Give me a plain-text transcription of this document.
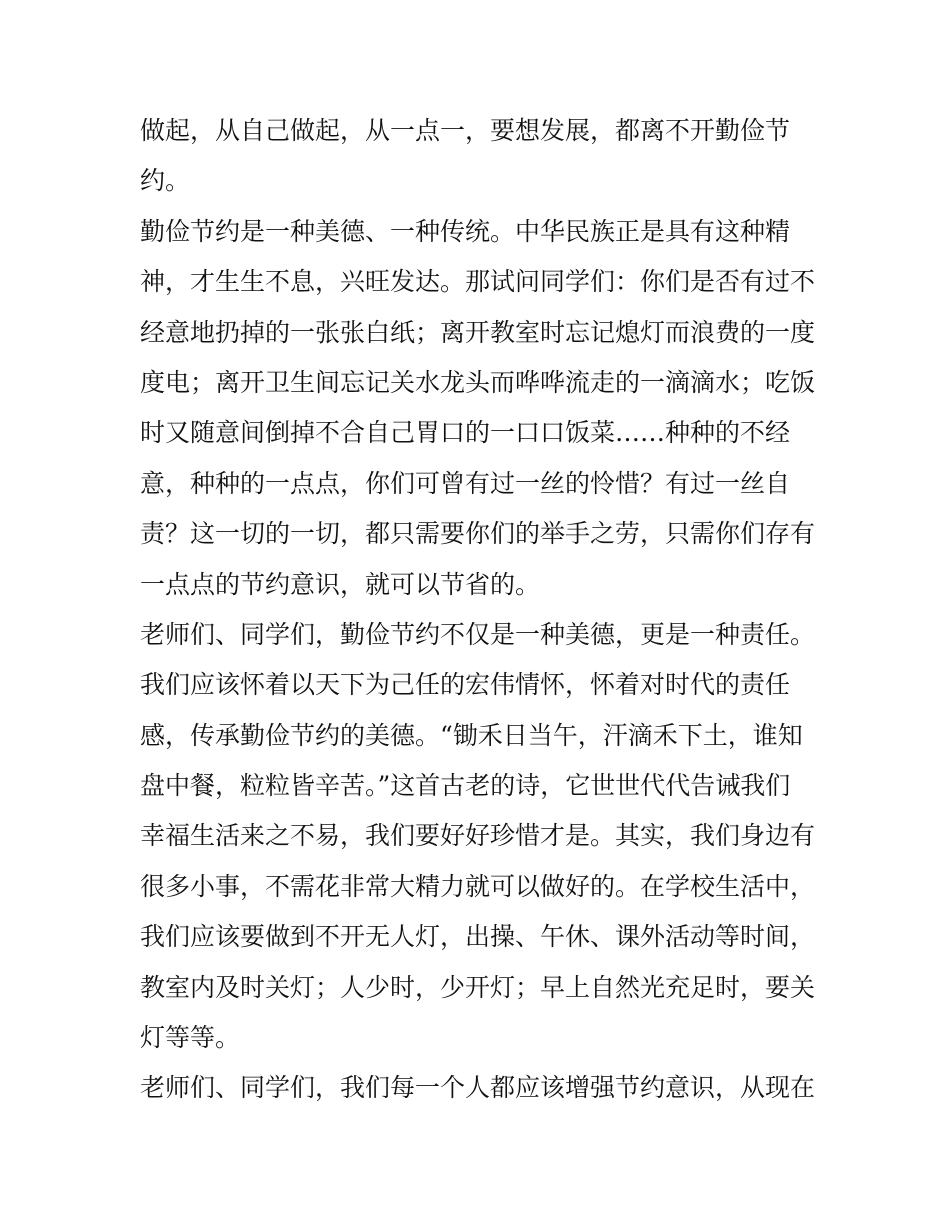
做起，从自己做起，从一点一，要想发展，都离不开勤俭节
约。
勤俭节约是一种美德、一种传统。中华民族正是具有这种精
神，才生生不息，兴旺发达。那试问同学们：你们是否有过不
经意地扔掉的一张张白纸；离开教室时忘记熄灯而浪费的一度
度电；离开卫生间忘记关水龙头而哗哗流走的一滴滴水；吃饭
时又随意间倒掉不合自己胃口的一口口饭菜……种种的不经
意，种种的一点点，你们可曾有过一丝的怜惜？有过一丝自
责？这一切的一切，都只需要你们的举手之劳，只需你们存有
一点点的节约意识，就可以节省的。
老师们、同学们，勤俭节约不仅是一种美德，更是一种责任。
我们应该怀着以天下为己任的宏伟情怀，怀着对时代的责任
感，传承勤俭节约的美德。“锄禾日当午，汗滴禾下土，谁知
盘中餐，粒粒皆辛苦。”这首古老的诗，它世世代代告诫我们
幸福生活来之不易，我们要好好珍惜才是。其实，我们身边有
很多小事，不需花非常大精力就可以做好的。在学校生活中，
我们应该要做到不开无人灯，出操、午休、课外活动等时间，
教室内及时关灯；人少时，少开灯；早上自然光充足时，要关
灯等等。
老师们、同学们，我们每一个人都应该增强节约意识，从现在
